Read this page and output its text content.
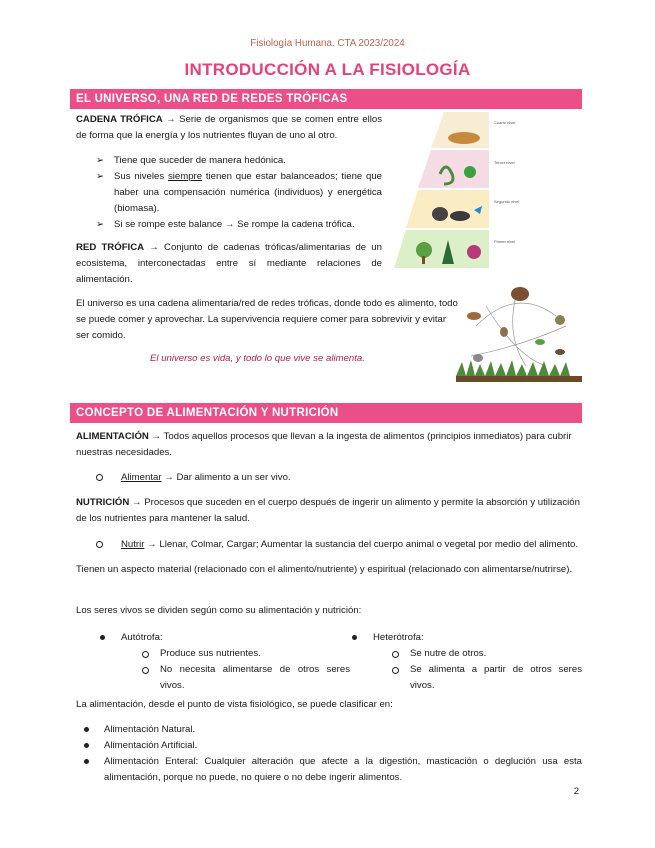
Fisiología Humana. CTA 2023/2024
INTRODUCCIÓN A LA FISIOLOGÍA
EL UNIVERSO, UNA RED DE REDES TRÓFICAS
CADENA TRÓFICA → Serie de organismos que se comen entre ellos de forma que la energía y los nutrientes fluyan de uno al otro.
➢ Tiene que suceder de manera hedónica.
➢ Sus niveles siempre tienen que estar balanceados; tiene que haber una compensación numérica (individuos) y energética (biomasa).
➢ Si se rompe este balance → Se rompe la cadena trófica.
RED TRÓFICA → Conjunto de cadenas tróficas/alimentarias de un ecosistema, interconectadas entre sí mediante relaciones de alimentación.
El universo es una cadena alimentaria/red de redes tróficas, donde todo es alimento, todo se puede comer y aprovechar. La supervivencia requiere comer para sobrevivir y evitar ser comido.
El universo es vida, y todo lo que vive se alimenta.
Cuarto nivel
Tercer nivel
Segundo nivel
Primer nivel
CONCEPTO DE ALIMENTACIÓN Y NUTRICIÓN
ALIMENTACIÓN → Todos aquellos procesos que llevan a la ingesta de alimentos (principios inmediatos) para cubrir nuestras necesidades.
Alimentar → Dar alimento a un ser vivo.
NUTRICIÓN → Procesos que suceden en el cuerpo después de ingerir un alimento y permite la absorción y utilización de los nutrientes para mantener la salud.
Nutrir → Llenar, Colmar, Cargar; Aumentar la sustancia del cuerpo animal o vegetal por medio del alimento.
Tienen un aspecto material (relacionado con el alimento/nutriente) y espiritual (relacionado con alimentarse/nutrirse).
Los seres vivos se dividen según como su alimentación y nutrición:
Autótrofa:
Produce sus nutrientes.
No necesita alimentarse de otros seres vivos.
Heterótrofa:
Se nutre de otros.
Se alimenta a partir de otros seres vivos.
La alimentación, desde el punto de vista fisiológico, se puede clasificar en:
Alimentación Natural.
Alimentación Artificial.
Alimentación Enteral: Cualquier alteración que afecte a la digestión, masticación o deglución usa esta alimentación, porque no puede, no quiere o no debe ingerir alimentos.
2
